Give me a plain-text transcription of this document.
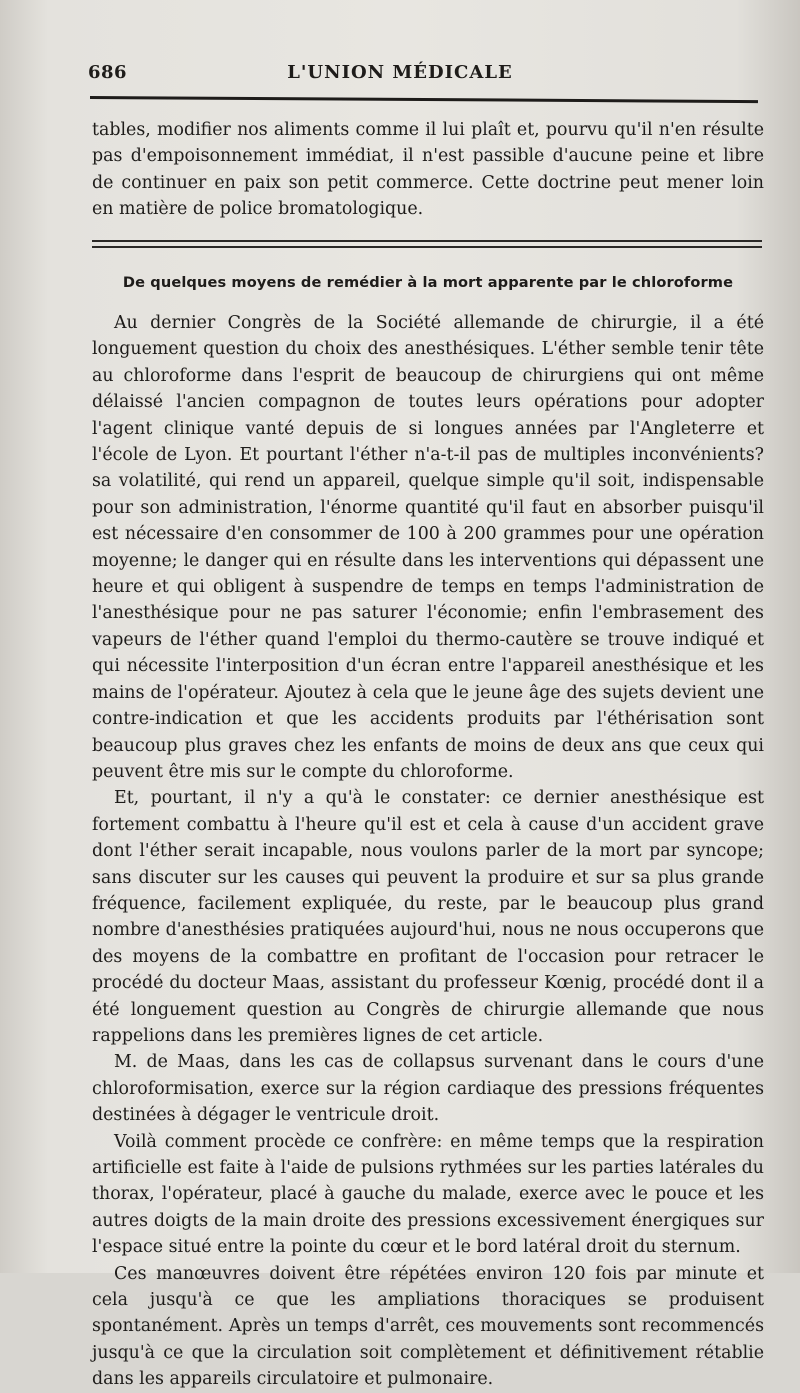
686	L'UNION MÉDICALE

tables, modifier nos aliments comme il lui plaît et, pourvu qu'il n'en résulte pas d'empoisonnement immédiat, il n'est passible d'aucune peine et libre de continuer en paix son petit commerce. Cette doctrine peut mener loin en matière de police bromatologique.

De quelques moyens de remédier à la mort apparente par le chloroforme

Au dernier Congrès de la Société allemande de chirurgie, il a été longuement question du choix des anesthésiques. L'éther semble tenir tête au chloroforme dans l'esprit de beaucoup de chirurgiens qui ont même délaissé l'ancien compagnon de toutes leurs opérations pour adopter l'agent clinique vanté depuis de si longues années par l'Angleterre et l'école de Lyon. Et pourtant l'éther n'a-t-il pas de multiples inconvénients? sa volatilité, qui rend un appareil, quelque simple qu'il soit, indispensable pour son administration, l'énorme quantité qu'il faut en absorber puisqu'il est nécessaire d'en consommer de 100 à 200 grammes pour une opération moyenne; le danger qui en résulte dans les interventions qui dépassent une heure et qui obligent à suspendre de temps en temps l'administration de l'anesthésique pour ne pas saturer l'économie; enfin l'embrasement des vapeurs de l'éther quand l'emploi du thermo-cautère se trouve indiqué et qui nécessite l'interposition d'un écran entre l'appareil anesthésique et les mains de l'opérateur. Ajoutez à cela que le jeune âge des sujets devient une contre-indication et que les accidents produits par l'éthérisation sont beaucoup plus graves chez les enfants de moins de deux ans que ceux qui peuvent être mis sur le compte du chloroforme.

Et, pourtant, il n'y a qu'à le constater: ce dernier anesthésique est fortement combattu à l'heure qu'il est et cela à cause d'un accident grave dont l'éther serait incapable, nous voulons parler de la mort par syncope; sans discuter sur les causes qui peuvent la produire et sur sa plus grande fréquence, facilement expliquée, du reste, par le beaucoup plus grand nombre d'anesthésies pratiquées aujourd'hui, nous ne nous occuperons que des moyens de la combattre en profitant de l'occasion pour retracer le procédé du docteur Maas, assistant du professeur Kœnig, procédé dont il a été longuement question au Congrès de chirurgie allemande que nous rappelions dans les premières lignes de cet article.

M. de Maas, dans les cas de collapsus survenant dans le cours d'une chloroformisation, exerce sur la région cardiaque des pressions fréquentes destinées à dégager le ventricule droit.

Voilà comment procède ce confrère: en même temps que la respiration artificielle est faite à l'aide de pulsions rythmées sur les parties latérales du thorax, l'opérateur, placé à gauche du malade, exerce avec le pouce et les autres doigts de la main droite des pressions excessivement énergiques sur l'espace situé entre la pointe du cœur et le bord latéral droit du sternum.

Ces manœuvres doivent être répétées environ 120 fois par minute et cela jusqu'à ce que les ampliations thoraciques se produisent spontanément. Après un temps d'arrêt, ces mouvements sont recommencés jusqu'à ce que la circulation soit complètement et définitivement rétablie dans les appareils circulatoire et pulmonaire.
